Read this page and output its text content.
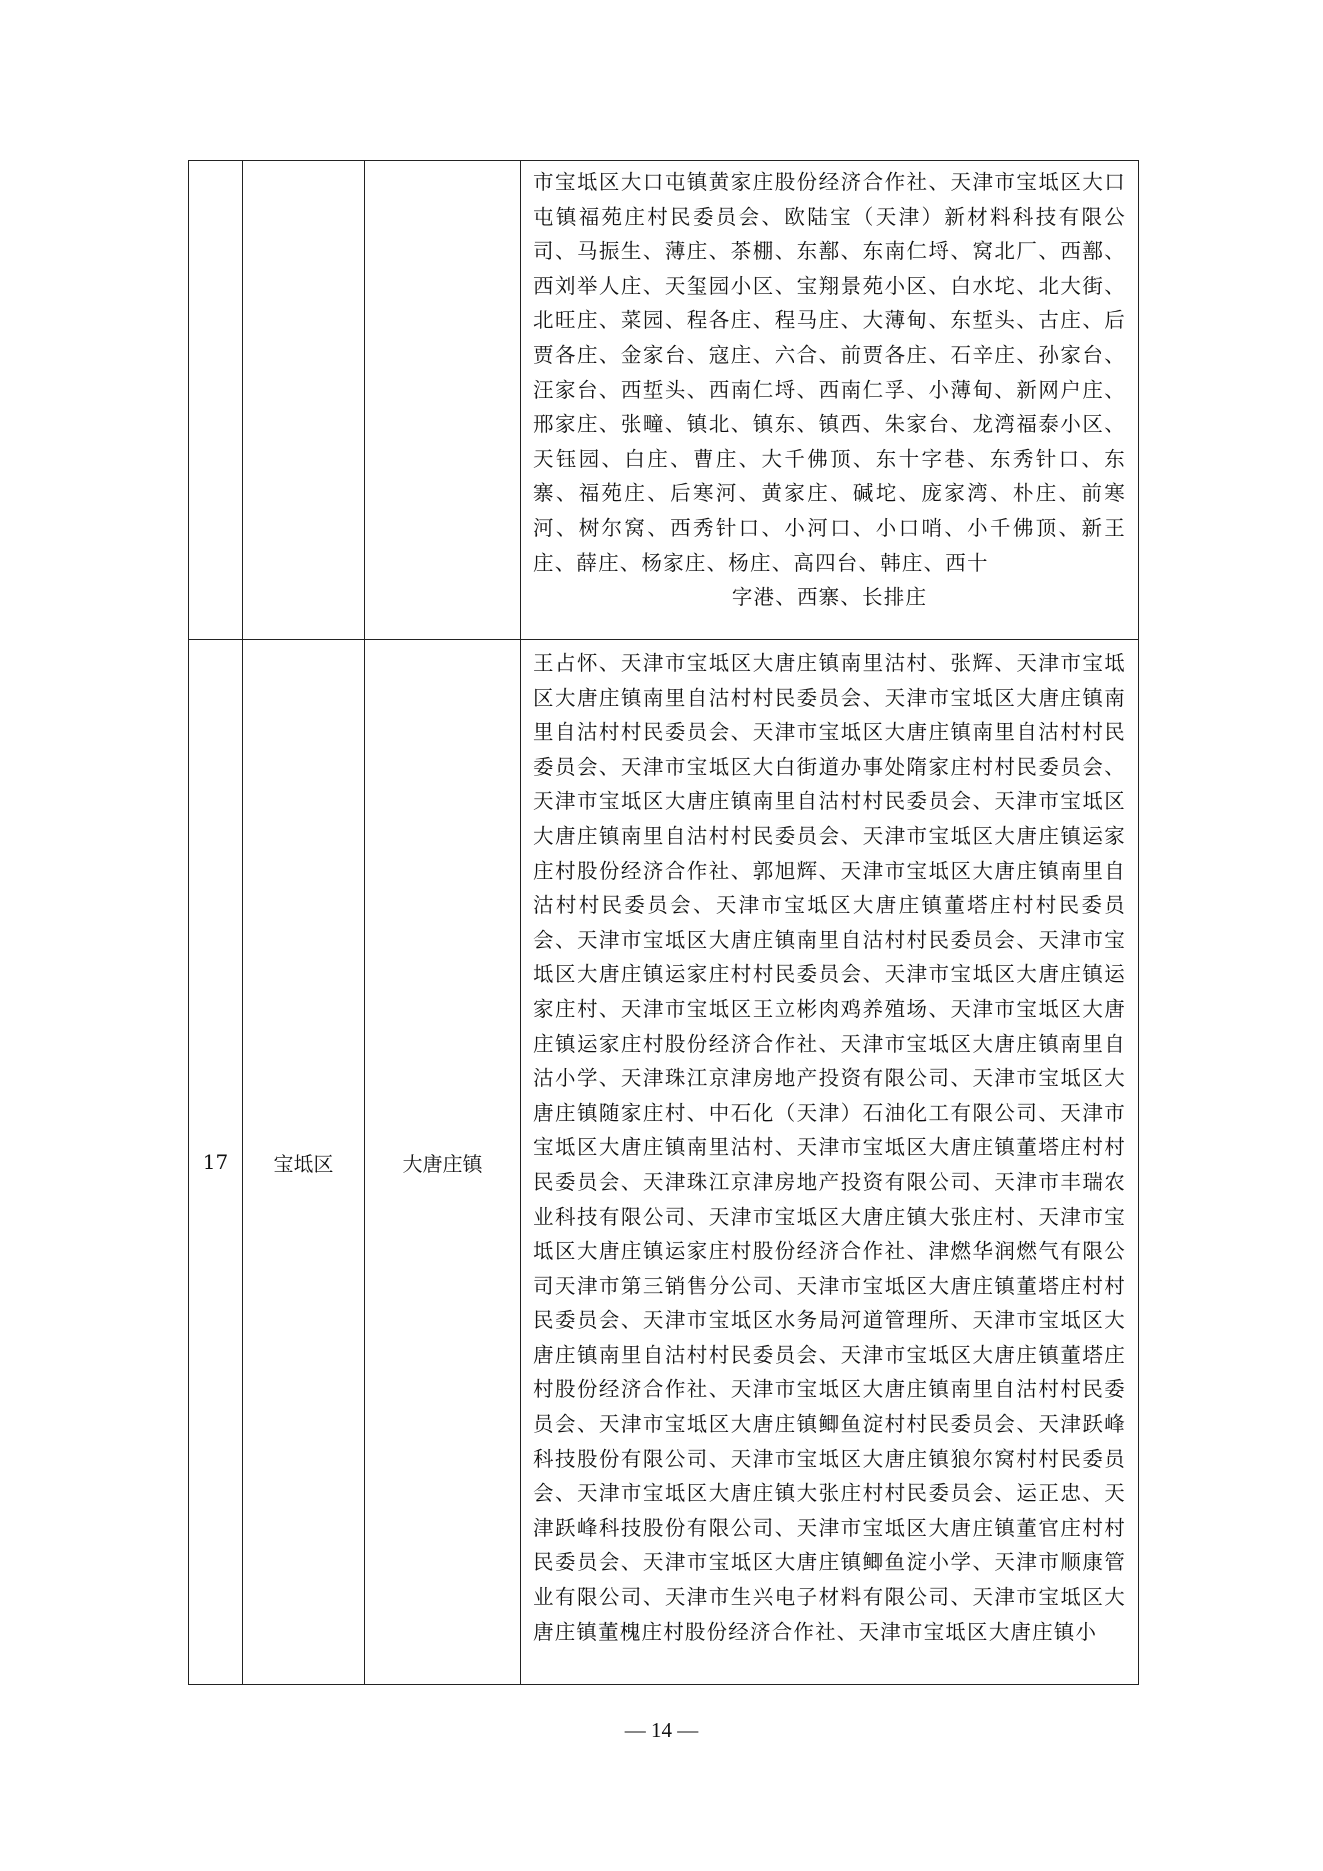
			市宝坻区大口屯镇黄家庄股份经济合作社、天津市宝坻区大口屯镇福苑庄村民委员会、欧陆宝（天津）新材料科技有限公司、马振生、薄庄、茶棚、东鄯、东南仁埒、窝北厂、西鄯、西刘举人庄、天玺园小区、宝翔景苑小区、白水坨、北大街、北旺庄、菜园、程各庄、程马庄、大薄甸、东埑头、古庄、后贾各庄、金家台、寇庄、六合、前贾各庄、石辛庄、孙家台、汪家台、西埑头、西南仁埒、西南仁孚、小薄甸、新网户庄、邢家庄、张疃、镇北、镇东、镇西、朱家台、龙湾福泰小区、天钰园、白庄、曹庄、大千佛顶、东十字巷、东秀针口、东寨、福苑庄、后寒河、黄家庄、碱坨、庞家湾、朴庄、前寒河、树尔窝、西秀针口、小河口、小口哨、小千佛顶、新王庄、薛庄、杨家庄、杨庄、高四台、韩庄、西十
字港、西寨、长排庄

17	宝坻区	大唐庄镇	王占怀、天津市宝坻区大唐庄镇南里沽村、张辉、天津市宝坻区大唐庄镇南里自沽村村民委员会、天津市宝坻区大唐庄镇南里自沽村村民委员会、天津市宝坻区大唐庄镇南里自沽村村民委员会、天津市宝坻区大白街道办事处隋家庄村村民委员会、天津市宝坻区大唐庄镇南里自沽村村民委员会、天津市宝坻区大唐庄镇南里自沽村村民委员会、天津市宝坻区大唐庄镇运家庄村股份经济合作社、郭旭辉、天津市宝坻区大唐庄镇南里自沽村村民委员会、天津市宝坻区大唐庄镇董塔庄村村民委员会、天津市宝坻区大唐庄镇南里自沽村村民委员会、天津市宝坻区大唐庄镇运家庄村村民委员会、天津市宝坻区大唐庄镇运家庄村、天津市宝坻区王立彬肉鸡养殖场、天津市宝坻区大唐庄镇运家庄村股份经济合作社、天津市宝坻区大唐庄镇南里自沽小学、天津珠江京津房地产投资有限公司、天津市宝坻区大唐庄镇随家庄村、中石化（天津）石油化工有限公司、天津市宝坻区大唐庄镇南里沽村、天津市宝坻区大唐庄镇董塔庄村村民委员会、天津珠江京津房地产投资有限公司、天津市丰瑞农业科技有限公司、天津市宝坻区大唐庄镇大张庄村、天津市宝坻区大唐庄镇运家庄村股份经济合作社、津燃华润燃气有限公司天津市第三销售分公司、天津市宝坻区大唐庄镇董塔庄村村民委员会、天津市宝坻区水务局河道管理所、天津市宝坻区大唐庄镇南里自沽村村民委员会、天津市宝坻区大唐庄镇董塔庄村股份经济合作社、天津市宝坻区大唐庄镇南里自沽村村民委员会、天津市宝坻区大唐庄镇鲫鱼淀村村民委员会、天津跃峰科技股份有限公司、天津市宝坻区大唐庄镇狼尔窝村村民委员会、天津市宝坻区大唐庄镇大张庄村村民委员会、运正忠、天津跃峰科技股份有限公司、天津市宝坻区大唐庄镇董官庄村村民委员会、天津市宝坻区大唐庄镇鲫鱼淀小学、天津市顺康管业有限公司、天津市生兴电子材料有限公司、天津市宝坻区大唐庄镇董槐庄村股份经济合作社、天津市宝坻区大唐庄镇小
— 14 —
